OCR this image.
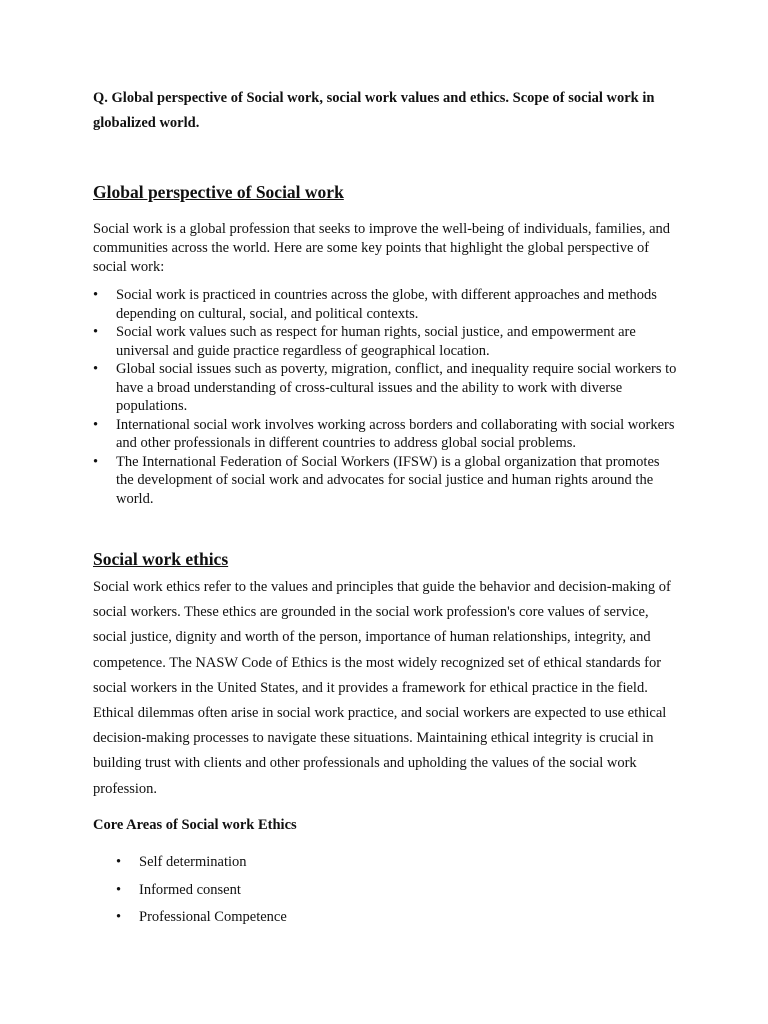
Q. Global perspective of Social work, social work values and ethics. Scope of social work in globalized world.

Global perspective of Social work

Social work is a global profession that seeks to improve the well-being of individuals, families, and communities across the world. Here are some key points that highlight the global perspective of social work:

• Social work is practiced in countries across the globe, with different approaches and methods depending on cultural, social, and political contexts.
• Social work values such as respect for human rights, social justice, and empowerment are universal and guide practice regardless of geographical location.
• Global social issues such as poverty, migration, conflict, and inequality require social workers to have a broad understanding of cross-cultural issues and the ability to work with diverse populations.
• International social work involves working across borders and collaborating with social workers and other professionals in different countries to address global social problems.
• The International Federation of Social Workers (IFSW) is a global organization that promotes the development of social work and advocates for social justice and human rights around the world.
Social work ethics

Social work ethics refer to the values and principles that guide the behavior and decision-making of social workers. These ethics are grounded in the social work profession's core values of service, social justice, dignity and worth of the person, importance of human relationships, integrity, and competence. The NASW Code of Ethics is the most widely recognized set of ethical standards for social workers in the United States, and it provides a framework for ethical practice in the field. Ethical dilemmas often arise in social work practice, and social workers are expected to use ethical decision-making processes to navigate these situations. Maintaining ethical integrity is crucial in building trust with clients and other professionals and upholding the values of the social work profession.

Core Areas of Social work Ethics
• Self determination
• Informed consent
• Professional Competence
